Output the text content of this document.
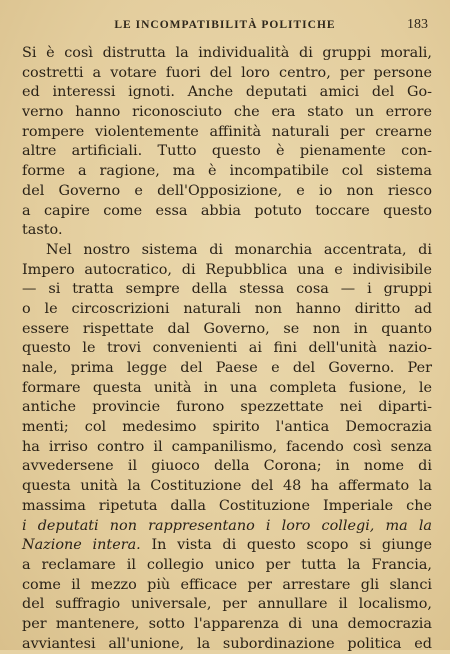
LE INCOMPATIBILITÀ POLITICHE	183
Si è così distrutta la individualità di gruppi morali,
costretti a votare fuori del loro centro, per persone
ed interessi ignoti. Anche deputati amici del Go-
verno hanno riconosciuto che era stato un errore
rompere violentemente affinità naturali per crearne
altre artificiali. Tutto questo è pienamente con-
forme a ragione, ma è incompatibile col sistema
del Governo e dell'Opposizione, e io non riesco
a capire come essa abbia potuto toccare questo
tasto.
Nel nostro sistema di monarchia accentrata, di
Impero autocratico, di Repubblica una e indivisibile
— si tratta sempre della stessa cosa — i gruppi
o le circoscrizioni naturali non hanno diritto ad
essere rispettate dal Governo, se non in quanto
questo le trovi convenienti ai fini dell'unità nazio-
nale, prima legge del Paese e del Governo. Per
formare questa unità in una completa fusione, le
antiche provincie furono spezzettate nei diparti-
menti; col medesimo spirito l'antica Democrazia
ha irriso contro il campanilismo, facendo così senza
avvedersene il giuoco della Corona; in nome di
questa unità la Costituzione del 48 ha affermato la
massima ripetuta dalla Costituzione Imperiale che
i deputati non rappresentano i loro collegi, ma la
Nazione intera. In vista di questo scopo si giunge
a reclamare il collegio unico per tutta la Francia,
come il mezzo più efficace per arrestare gli slanci
del suffragio universale, per annullare il localismo,
per mantenere, sotto l'apparenza di una democrazia
avviantesi all'unione, la subordinazione politica ed
